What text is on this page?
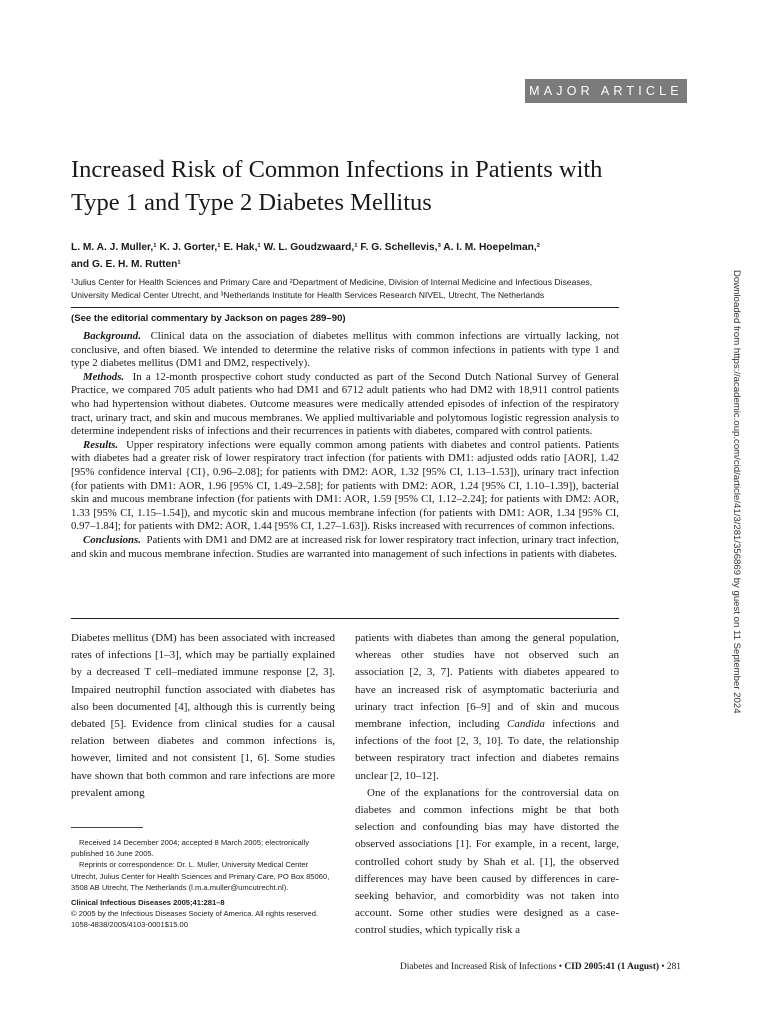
MAJOR ARTICLE
Increased Risk of Common Infections in Patients with Type 1 and Type 2 Diabetes Mellitus
L. M. A. J. Muller,¹ K. J. Gorter,¹ E. Hak,¹ W. L. Goudzwaard,¹ F. G. Schellevis,³ A. I. M. Hoepelman,²
and G. E. H. M. Rutten¹
¹Julius Center for Health Sciences and Primary Care and ²Department of Medicine, Division of Internal Medicine and Infectious Diseases, University Medical Center Utrecht, and ³Netherlands Institute for Health Services Research NIVEL, Utrecht, The Netherlands
(See the editorial commentary by Jackson on pages 289–90)

Background. Clinical data on the association of diabetes mellitus with common infections are virtually lacking, not conclusive, and often biased. We intended to determine the relative risks of common infections in patients with type 1 and type 2 diabetes mellitus (DM1 and DM2, respectively).

Methods. In a 12-month prospective cohort study conducted as part of the Second Dutch National Survey of General Practice, we compared 705 adult patients who had DM1 and 6712 adult patients who had DM2 with 18,911 control patients who had hypertension without diabetes. Outcome measures were medically attended episodes of infection of the respiratory tract, urinary tract, and skin and mucous membranes. We applied multivariable and polytomous logistic regression analysis to determine independent risks of infections and their recurrences in patients with diabetes, compared with control patients.

Results. Upper respiratory infections were equally common among patients with diabetes and control patients. Patients with diabetes had a greater risk of lower respiratory tract infection (for patients with DM1: adjusted odds ratio [AOR], 1.42 [95% confidence interval {CI}, 0.96–2.08]; for patients with DM2: AOR, 1.32 [95% CI, 1.13–1.53]), urinary tract infection (for patients with DM1: AOR, 1.96 [95% CI, 1.49–2.58]; for patients with DM2: AOR, 1.24 [95% CI, 1.10–1.39]), bacterial skin and mucous membrane infection (for patients with DM1: AOR, 1.59 [95% CI, 1.12–2.24]; for patients with DM2: AOR, 1.33 [95% CI, 1.15–1.54]), and mycotic skin and mucous membrane infection (for patients with DM1: AOR, 1.34 [95% CI, 0.97–1.84]; for patients with DM2: AOR, 1.44 [95% CI, 1.27–1.63]). Risks increased with recurrences of common infections.

Conclusions. Patients with DM1 and DM2 are at increased risk for lower respiratory tract infection, urinary tract infection, and skin and mucous membrane infection. Studies are warranted into management of such infections in patients with diabetes.

Diabetes mellitus (DM) has been associated with increased rates of infections [1–3], which may be partially explained by a decreased T cell–mediated immune response [2, 3]. Impaired neutrophil function associated with diabetes has also been documented [4], although this is currently being debated [5]. Evidence from clinical studies for a causal relation between diabetes and common infections is, however, limited and not consistent [1, 6]. Some studies have shown that both common and rare infections are more prevalent among

Received 14 December 2004; accepted 8 March 2005; electronically published 16 June 2005.

Reprints or correspondence: Dr. L. Muller, University Medical Center Utrecht, Julius Center for Health Sciences and Primary Care, PO Box 85060, 3508 AB Utrecht, The Netherlands (l.m.a.muller@umcutrecht.nl).

Clinical Infectious Diseases 2005;41:281–8

© 2005 by the Infectious Diseases Society of America. All rights reserved.

1058-4838/2005/4103-0001$15.00

patients with diabetes than among the general population, whereas other studies have not observed such an association [2, 3, 7]. Patients with diabetes appeared to have an increased risk of asymptomatic bacteriuria and urinary tract infection [6–9] and of skin and mucous membrane infection, including Candida infections and infections of the foot [2, 3, 10]. To date, the relationship between respiratory tract infection and diabetes remains unclear [2, 10–12].

One of the explanations for the controversial data on diabetes and common infections might be that both selection and confounding bias may have distorted the observed associations [1]. For example, in a recent, large, controlled cohort study by Shah et al. [1], the observed differences may have been caused by differences in care-seeking behavior, and comorbidity was not taken into account. Some other studies were designed as a case-control studies, which typically risk a

Diabetes and Increased Risk of Infections • CID 2005:41 (1 August) • 281
Downloaded from https://academic.oup.com/cid/article/41/3/281/356869 by guest on 11 September 2024
